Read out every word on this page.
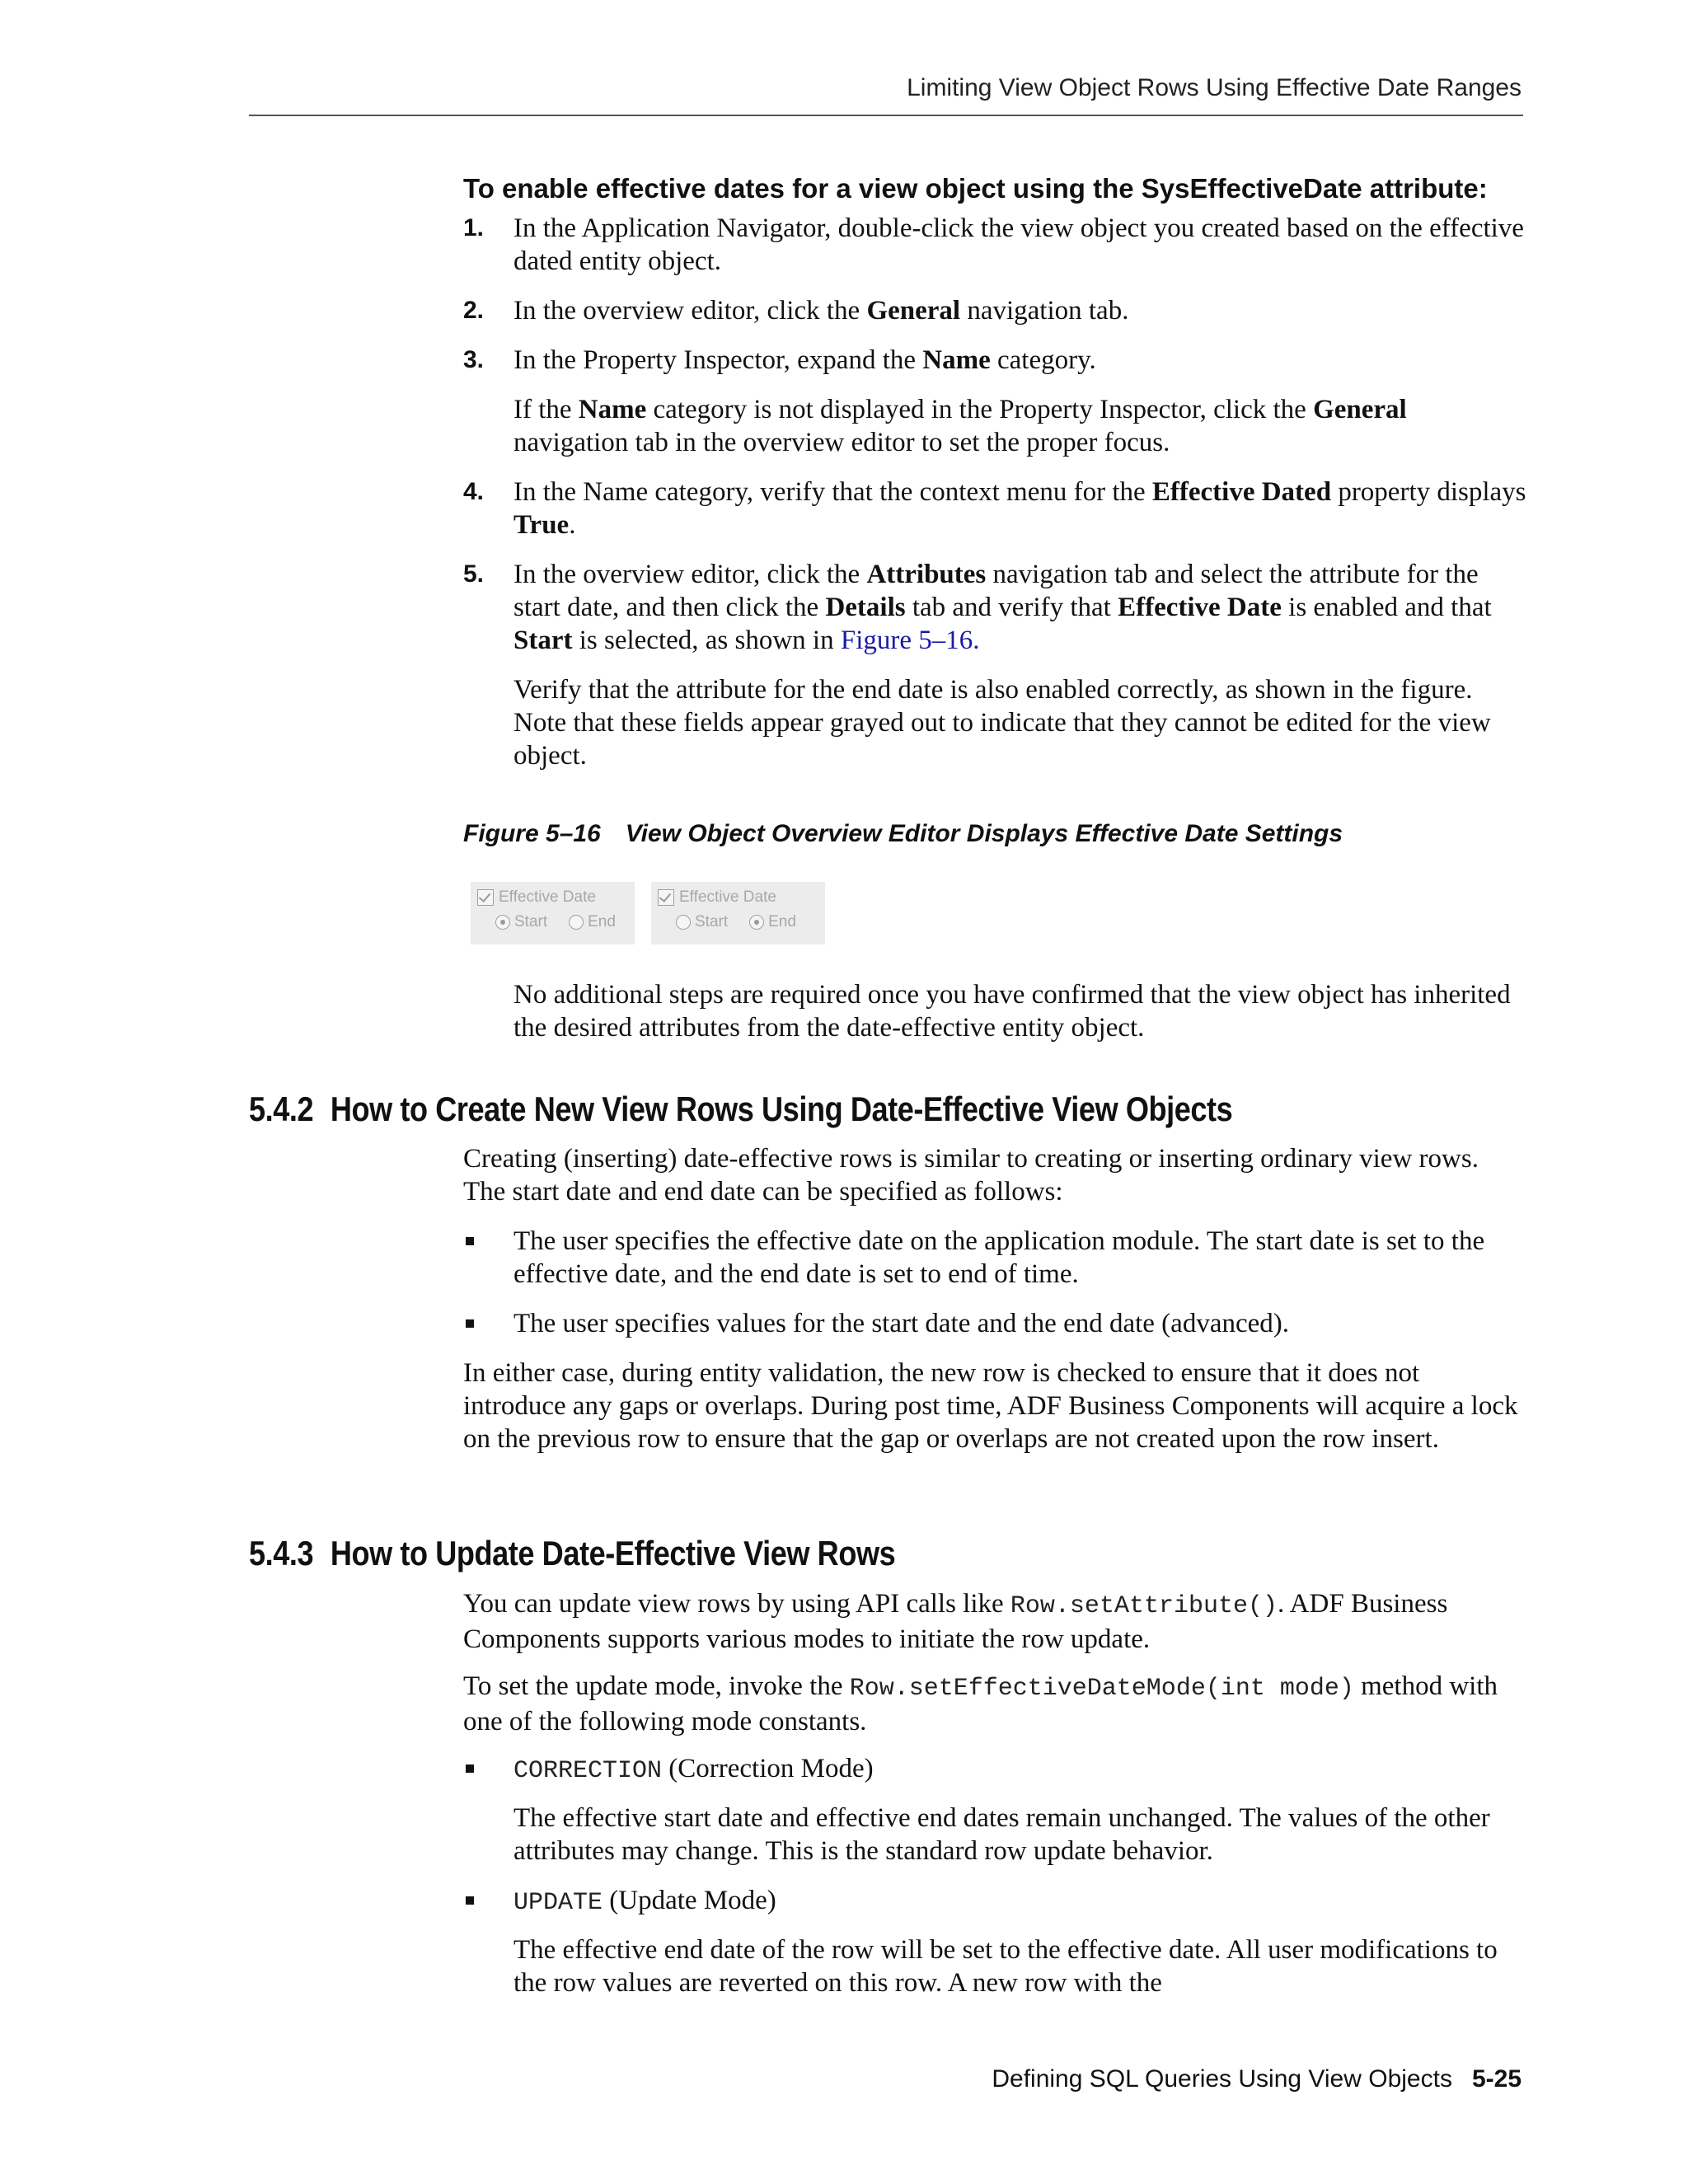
Limiting View Object Rows Using Effective Date Ranges
To enable effective dates for a view object using the SysEffectiveDate attribute:
1. In the Application Navigator, double-click the view object you created based on the effective dated entity object.
2. In the overview editor, click the General navigation tab.
3. In the Property Inspector, expand the Name category.
If the Name category is not displayed in the Property Inspector, click the General navigation tab in the overview editor to set the proper focus.
4. In the Name category, verify that the context menu for the Effective Dated property displays True.
5. In the overview editor, click the Attributes navigation tab and select the attribute for the start date, and then click the Details tab and verify that Effective Date is enabled and that Start is selected, as shown in Figure 5–16.
Verify that the attribute for the end date is also enabled correctly, as shown in the figure. Note that these fields appear grayed out to indicate that they cannot be edited for the view object.
Figure 5–16 View Object Overview Editor Displays Effective Date Settings
Effective Date
Start	End
Effective Date
Start	End
No additional steps are required once you have confirmed that the view object has inherited the desired attributes from the date-effective entity object.
5.4.2 How to Create New View Rows Using Date-Effective View Objects
Creating (inserting) date-effective rows is similar to creating or inserting ordinary view rows. The start date and end date can be specified as follows:
The user specifies the effective date on the application module. The start date is set to the effective date, and the end date is set to end of time.
The user specifies values for the start date and the end date (advanced).
In either case, during entity validation, the new row is checked to ensure that it does not introduce any gaps or overlaps. During post time, ADF Business Components will acquire a lock on the previous row to ensure that the gap or overlaps are not created upon the row insert.
5.4.3 How to Update Date-Effective View Rows
You can update view rows by using API calls like Row.setAttribute(). ADF Business Components supports various modes to initiate the row update.
To set the update mode, invoke the Row.setEffectiveDateMode(int mode) method with one of the following mode constants.
CORRECTION (Correction Mode)
The effective start date and effective end dates remain unchanged. The values of the other attributes may change. This is the standard row update behavior.
UPDATE (Update Mode)
The effective end date of the row will be set to the effective date. All user modifications to the row values are reverted on this row. A new row with the
Defining SQL Queries Using View Objects 5-25
